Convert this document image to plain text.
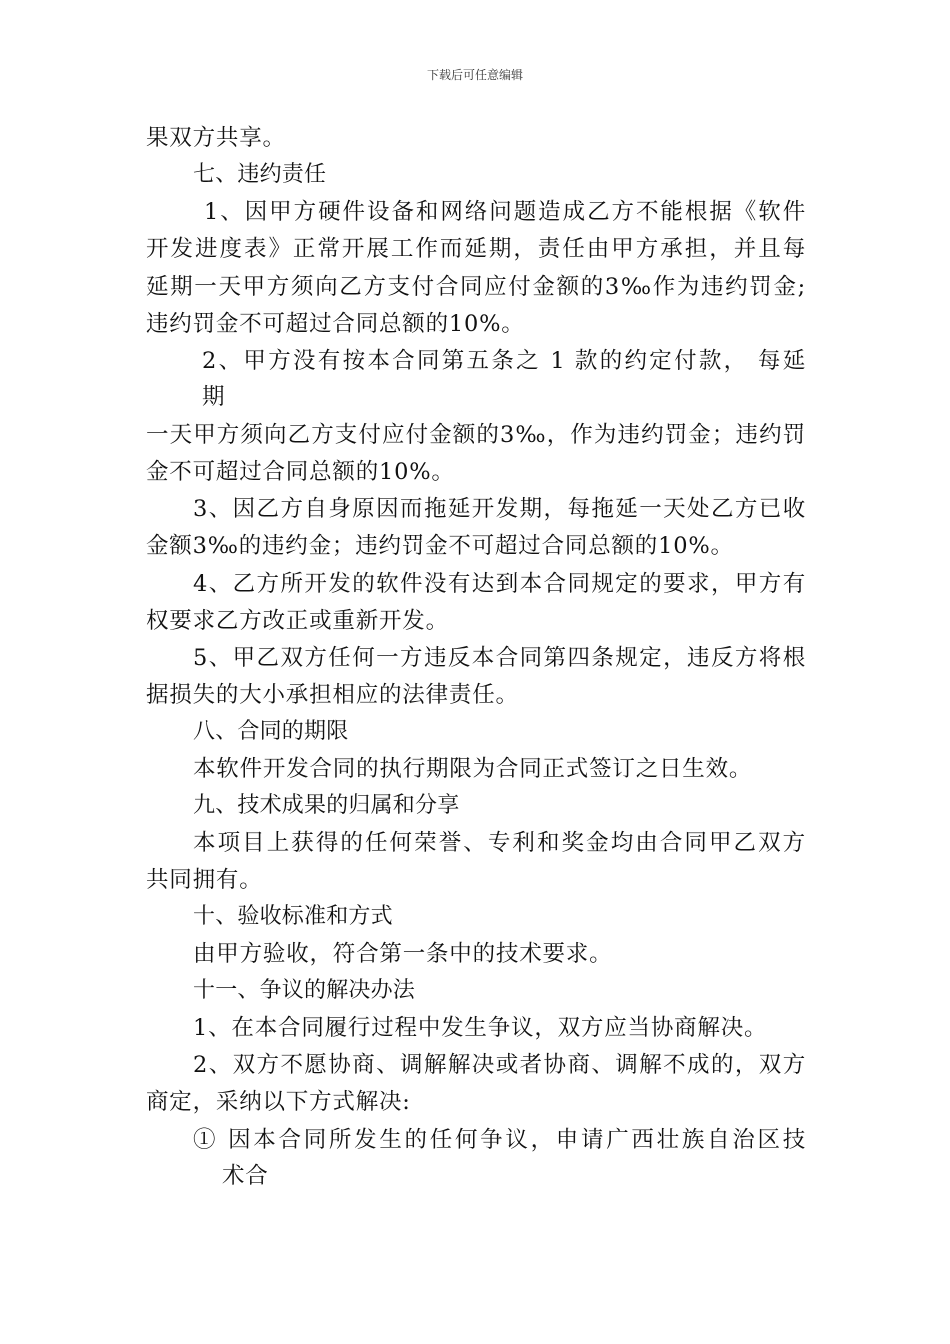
下载后可任意编辑
果双方共享。
七、违约责任
1、因甲方硬件设备和网络问题造成乙方不能根据《软件
开发进度表》正常开展工作而延期，责任由甲方承担，并且每
延期一天甲方须向乙方支付合同应付金额的3‰作为违约罚金;
违约罚金不可超过合同总额的10%。
2、甲方没有按本合同第五条之 1 款的约定付款， 每延
期
一天甲方须向乙方支付应付金额的3‰，作为违约罚金；违约罚
金不可超过合同总额的10%。
3、因乙方自身原因而拖延开发期，每拖延一天处乙方已收
金额3‰的违约金；违约罚金不可超过合同总额的10%。
4、乙方所开发的软件没有达到本合同规定的要求，甲方有
权要求乙方改正或重新开发。
5、甲乙双方任何一方违反本合同第四条规定，违反方将根
据损失的大小承担相应的法律责任。
八、合同的期限
本软件开发合同的执行期限为合同正式签订之日生效。
九、技术成果的归属和分享
本项目上获得的任何荣誉、专利和奖金均由合同甲乙双方
共同拥有。
十、验收标准和方式
由甲方验收，符合第一条中的技术要求。
十一、争议的解决办法
1、在本合同履行过程中发生争议，双方应当协商解决。
2、双方不愿协商、调解解决或者协商、调解不成的，双方
商定，采纳以下方式解决:
① 因本合同所发生的任何争议，申请广西壮族自治区技
术合
